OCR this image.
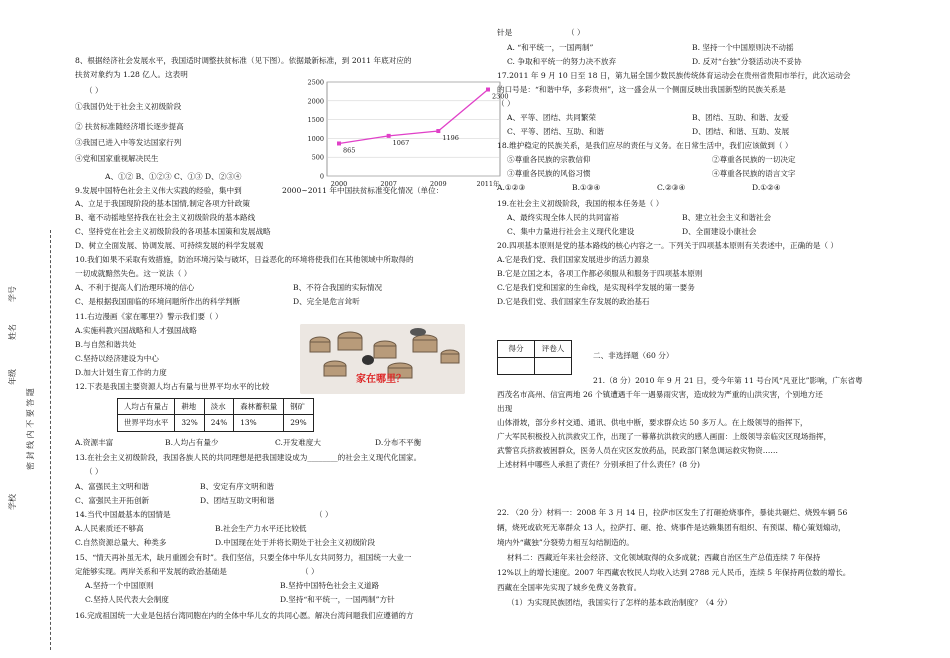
学校
年级
姓名
学号
密 封 线 内 不 要 答 题
8、根据经济社会发展水平，我国适时调整扶贫标准（见下图）。依据最新标准，到 2011 年底对应的
扶贫对象约为 1.28 亿人。这表明
（ ）
①我国仍处于社会主义初级阶段
② 扶贫标准随经济增长逐步提高
③我国已进入中等发达国家行列
④党和国家重视解决民生
A、①② B、①②③ C、①③ D、②③④	0
500
1000
1500
2000
2500
2000	2007	2009	2011年
865
1067
1196
2300
9.发展中国特色社会主义伟大实践的经验，集中到	2000~2011 年中国扶贫标准变化情况（单位：
A、立足于我国现阶段的基本国情,制定各项方针政策
B、毫不动摇地坚持我在社会主义初级阶段的基本路线
C、坚持党在社会主义初级阶段的各项基本国策和发展战略
D、树立全面发展、协调发展、可持续发展的科学发展观
10.我们如果不采取有效措施，防治环境污染与破坏，日益恶化的环境将使我们在其他领域中所取得的
一切成就黯然失色。这一说法（ ）
A、不利于提高人们治理环境的信心	B、不符合我国的实际情况
C、是根据我国面临的环境问题所作出的科学判断	D、完全是危言耸听
11.右边漫画《家在哪里?》警示我们要（ ）
A.实施科教兴国战略和人才强国战略
B.与自然和谐共处
C.坚持以经济建设为中心
D.加大计划生育工作的力度
家在哪里？
12.下表是我国主要资源人均占有量与世界平均水平的比较
人均占有量占	耕地	淡水	森林蓄积量	钢矿
世界平均水平	32%	24%	13%	29%
A.资源丰富	B.人均占有量少	C.开发难度大	D.分布不平衡
13.在社会主义初级阶段，我国各族人民的共同理想是把我国建设成为________的社会主义现代化国家。
（ ）
A、富强民主文明和谐	B、安定有序文明和谐
C、富强民主开拓创新	D、团结互助文明和谐
14.当代中国最基本的国情是	（ ）
A.人民素质还不够高	B.社会生产力水平还比较低
C.自然资源总量大、种类多	D.中国现在处于并将长期处于社会主义初级阶段
15、“情天再补虽无术，缺月重圆会有时”。我们坚信，只要全体中华儿女共同努力，祖国统一大业一
定能够实现。两岸关系和平发展的政治基础是	（ ）
A.坚持一个中国原则	B.坚持中国特色社会主义道路
C.坚持人民代表大会制度	D.坚持“和平统一，一国两制”方针
16.完成祖国统一大业是包括台湾同胞在内的全体中华儿女的共同心愿。解决台湾问题我们应遵循的方
针是	（ ）
A. “和平统一，一国两制”	B. 坚持一个中国原则决不动摇
C. 争取和平统一的努力决不放弃	D. 反对“台独”分裂活动决不妥协
17.2011 年 9 月 10 日至 18 日，第九届全国少数民族传统体育运动会在贵州省贵阳市举行，此次运动会
的口号是：“和谐中华，多彩贵州”，这一盛会从一个侧面反映出我国新型的民族关系是
（ ）
A、平等、团结、共同繁荣	B、团结、互助、和谐、友爱
C、平等、团结、互助、和谐	D、团结、和谐、互助、发展
18.维护稳定的民族关系，是我们应尽的责任与义务。在日常生活中，我们应该做到（ ）
⑤尊重各民族的宗教信仰	②尊重各民族的一切决定
③尊重各民族的风俗习惯	④尊重各民族的语言文字
A.①②③	B.①③④	C.②③④	D.①②④
19.在社会主义初级阶段，我国的根本任务是（ ）
A、最终实现全体人民的共同富裕	B、建立社会主义和谐社会
C、集中力量进行社会主义现代化建设	D、全面建设小康社会
20.四项基本原则是党的基本路线的核心内容之一。下列关于四项基本原则有关表述中，正确的是（ ）
A.它是我们党、我们国家发展进步的活力源泉
B.它是立国之本，各项工作都必须服从和服务于四项基本原则
C.它是我们党和国家的生命线，是实现科学发展的第一要务
D.它是我们党、我们国家生存发展的政治基石
得分	评卷人

二、非选择题（60 分）
21.（8 分）2010 年 9 月 21 日，受今年第 11 号台风“凡亚比”影响，广东省粤
西茂名市高州、信宜两地 26 个镇遭遇千年一遇暴雨灾害，造成较为严重的山洪灾害，个别地方还
出现
山体滑坡，部分乡村交通、通讯、供电中断，要求群众达 50 多万人。在上级领导的指挥下，
广大军民积极投入抗洪救灾工作，出现了一幕幕抗洪救灾的感人画面：上级领导亲临灾区现场指挥，
武警官兵挤救被困群众，医务人员在灾区发放药品，民政部门紧急调运救灾物资……
上述材料中哪些人承担了责任？分别承担了什么责任？(8 分)
22. （20 分）材料一：2008 年 3 月 14 日，拉萨市区发生了打砸抢烧事件，暴徒共砸烂、烧毁车辆 56
辆，烧死或砍死无辜群众 13 人，拉萨打、砸、抢、烧事件是达赖集团有组织、有预谋、精心策划煽动，
境内外“藏独”分裂势力相互勾结制造的。
材料二：西藏近年来社会经济、文化领域取得的众多成就；西藏自治区生产总值连续 7 年保持
12%以上的增长速度。2007 年西藏农牧民人均收入达到 2788 元人民币，连续 5 年保持两位数的增长。
西藏在全国率先实现了城乡免费义务教育。
（1）为实现民族团结，我国实行了怎样的基本政治制度？（4 分）
